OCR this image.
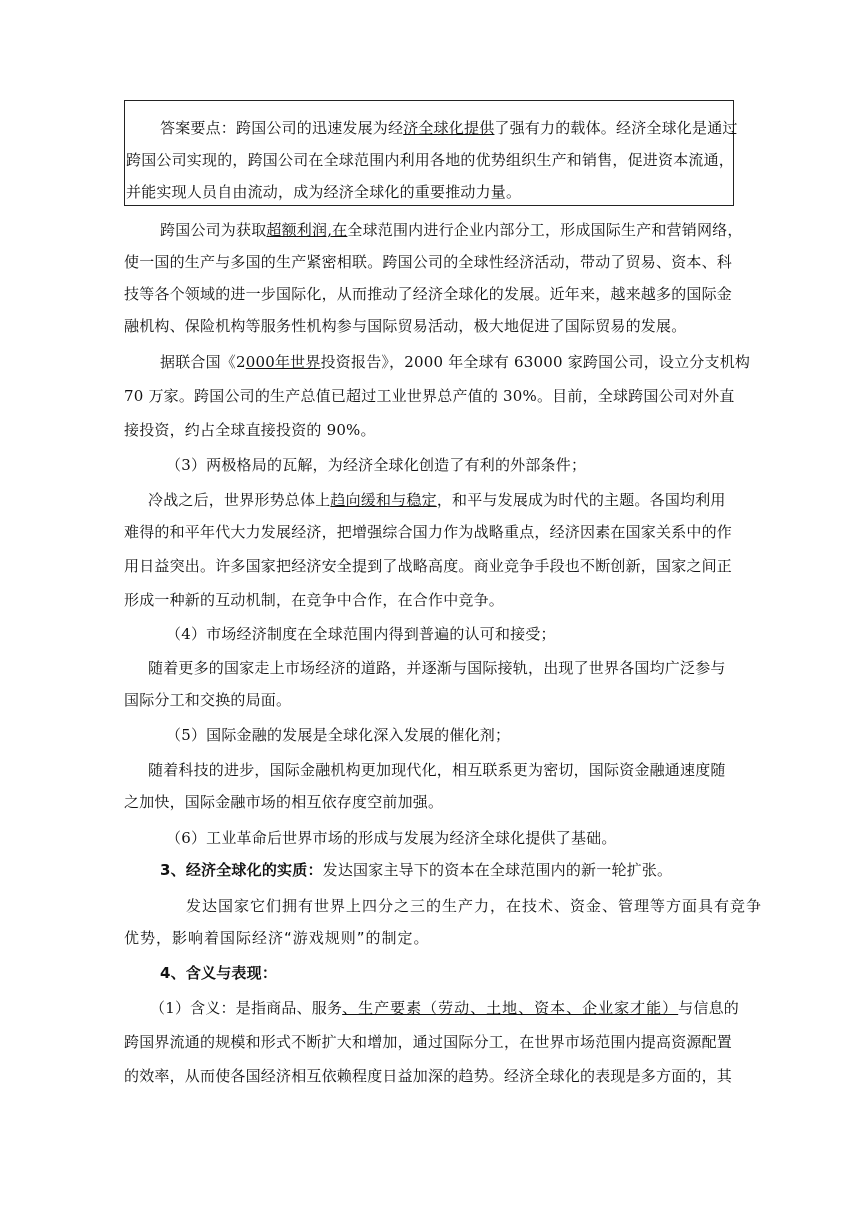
答案要点：跨国公司的迅速发展为经济全球化提供了强有力的载体。经济全球化是通过
跨国公司实现的，跨国公司在全球范围内利用各地的优势组织生产和销售，促进资本流通，
并能实现人员自由流动，成为经济全球化的重要推动力量。
跨国公司为获取超额利润,在全球范围内进行企业内部分工，形成国际生产和营销网络，
使一国的生产与多国的生产紧密相联。跨国公司的全球性经济活动，带动了贸易、资本、科
技等各个领域的进一步国际化，从而推动了经济全球化的发展。近年来，越来越多的国际金
融机构、保险机构等服务性机构参与国际贸易活动，极大地促进了国际贸易的发展。
据联合国《2000年世界投资报告》，2000 年全球有 63000 家跨国公司，设立分支机构
70 万家。跨国公司的生产总值已超过工业世界总产值的 30%。目前，全球跨国公司对外直
接投资，约占全球直接投资的 90%。
（3）两极格局的瓦解，为经济全球化创造了有利的外部条件；
冷战之后，世界形势总体上趋向缓和与稳定，和平与发展成为时代的主题。各国均利用
难得的和平年代大力发展经济，把增强综合国力作为战略重点，经济因素在国家关系中的作
用日益突出。许多国家把经济安全提到了战略高度。商业竞争手段也不断创新，国家之间正
形成一种新的互动机制，在竞争中合作，在合作中竞争。
（4）市场经济制度在全球范围内得到普遍的认可和接受；
随着更多的国家走上市场经济的道路，并逐渐与国际接轨，出现了世界各国均广泛参与
国际分工和交换的局面。
（5）国际金融的发展是全球化深入发展的催化剂；
随着科技的进步，国际金融机构更加现代化，相互联系更为密切，国际资金融通速度随
之加快，国际金融市场的相互依存度空前加强。
（6）工业革命后世界市场的形成与发展为经济全球化提供了基础。
3、经济全球化的实质：发达国家主导下的资本在全球范围内的新一轮扩张。
发达国家它们拥有世界上四分之三的生产力，在技术、资金、管理等方面具有竞争
优势，影响着国际经济“游戏规则”的制定。
4、含义与表现：
（1）含义：是指商品、服务、生产要素（劳动、土地、资本、企业家才能）与信息的
跨国界流通的规模和形式不断扩大和增加，通过国际分工，在世界市场范围内提高资源配置
的效率，从而使各国经济相互依赖程度日益加深的趋势。经济全球化的表现是多方面的，其
